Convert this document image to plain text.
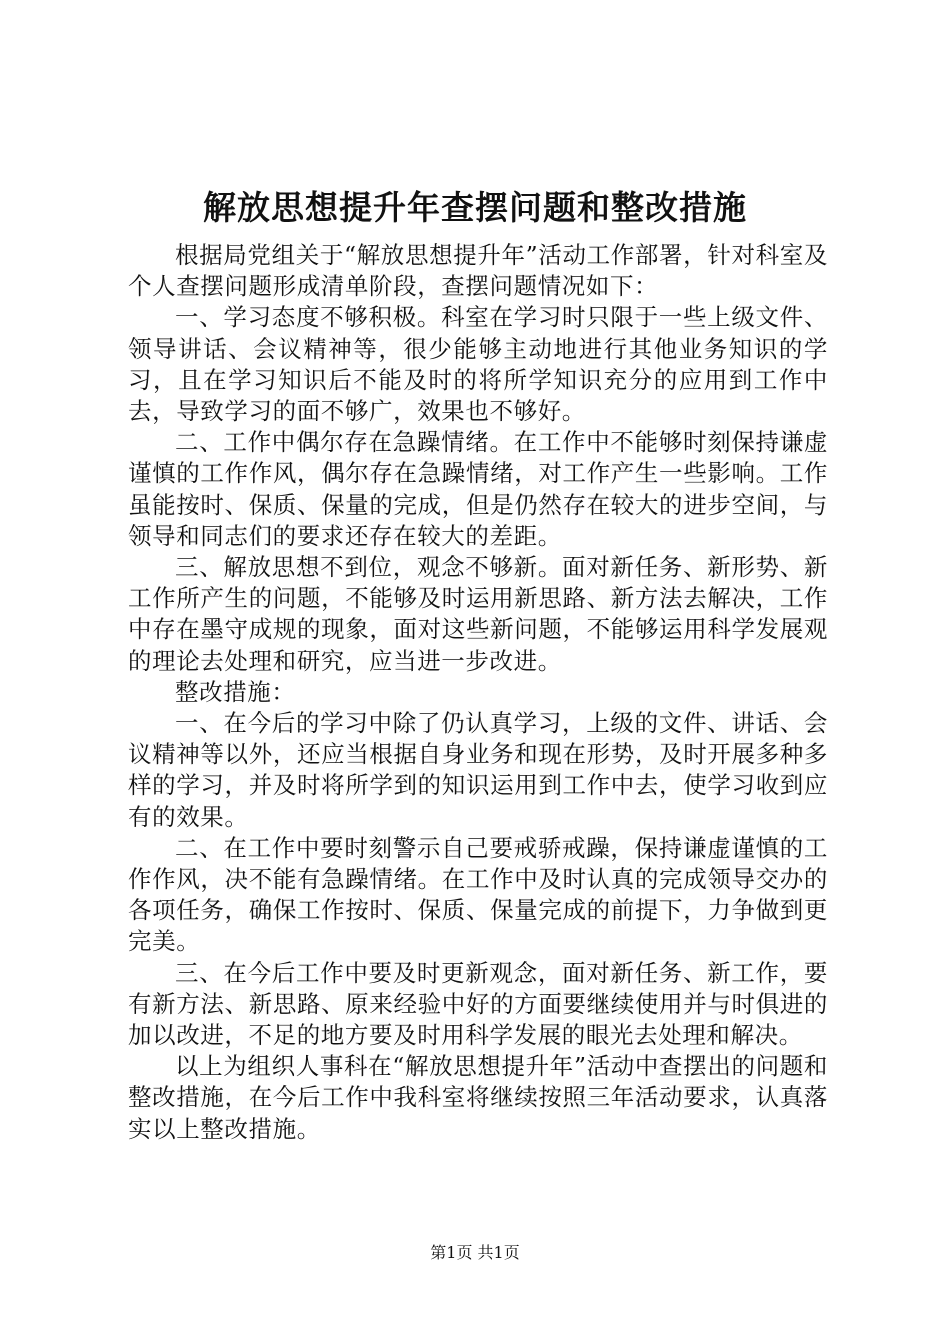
解放思想提升年查摆问题和整改措施

根据局党组关于“解放思想提升年”活动工作部署，针对科室及个人查摆问题形成清单阶段，查摆问题情况如下：

一、学习态度不够积极。科室在学习时只限于一些上级文件、领导讲话、会议精神等，很少能够主动地进行其他业务知识的学习，且在学习知识后不能及时的将所学知识充分的应用到工作中去，导致学习的面不够广，效果也不够好。

二、工作中偶尔存在急躁情绪。在工作中不能够时刻保持谦虚谨慎的工作作风，偶尔存在急躁情绪，对工作产生一些影响。工作虽能按时、保质、保量的完成，但是仍然存在较大的进步空间，与领导和同志们的要求还存在较大的差距。

三、解放思想不到位，观念不够新。面对新任务、新形势、新工作所产生的问题，不能够及时运用新思路、新方法去解决，工作中存在墨守成规的现象，面对这些新问题，不能够运用科学发展观的理论去处理和研究，应当进一步改进。

整改措施：

一、在今后的学习中除了仍认真学习，上级的文件、讲话、会议精神等以外，还应当根据自身业务和现在形势，及时开展多种多样的学习，并及时将所学到的知识运用到工作中去，使学习收到应有的效果。

二、在工作中要时刻警示自己要戒骄戒躁，保持谦虚谨慎的工作作风，决不能有急躁情绪。在工作中及时认真的完成领导交办的各项任务，确保工作按时、保质、保量完成的前提下，力争做到更完美。

三、在今后工作中要及时更新观念，面对新任务、新工作，要有新方法、新思路、原来经验中好的方面要继续使用并与时俱进的加以改进，不足的地方要及时用科学发展的眼光去处理和解决。

以上为组织人事科在“解放思想提升年”活动中查摆出的问题和整改措施，在今后工作中我科室将继续按照三年活动要求，认真落实以上整改措施。

第1页 共1页
